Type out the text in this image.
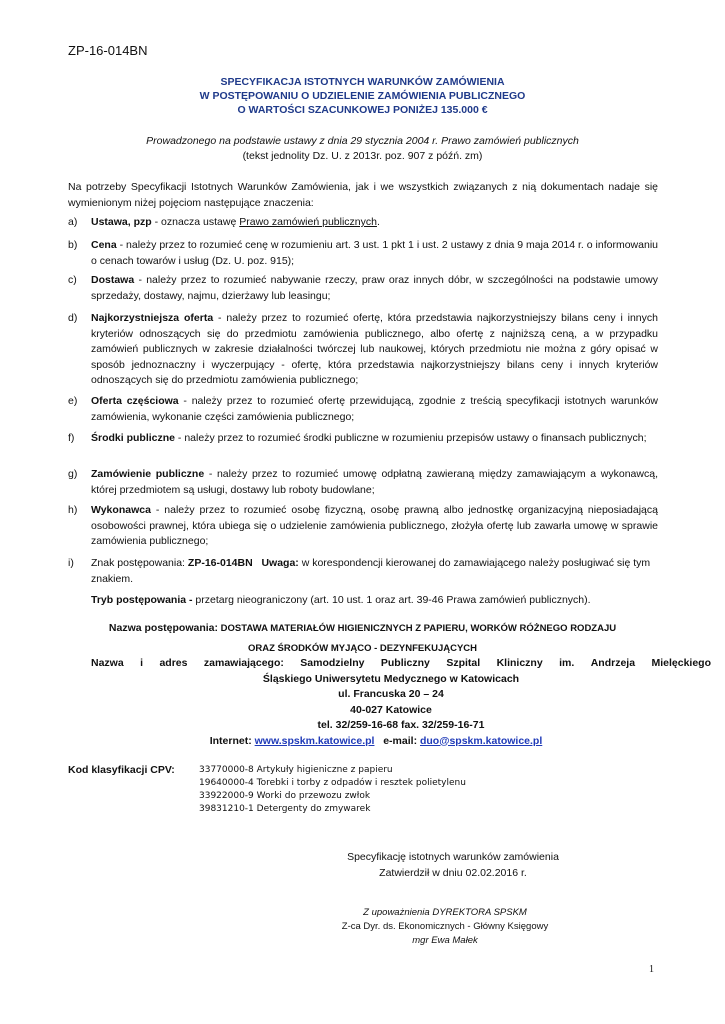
ZP-16-014BN
SPECYFIKACJA ISTOTNYCH WARUNKÓW ZAMÓWIENIA
W POSTĘPOWANIU O UDZIELENIE ZAMÓWIENIA PUBLICZNEGO
O WARTOŚCI SZACUNKOWEJ PONIŻEJ 135.000 €
Prowadzonego na podstawie ustawy z dnia 29 stycznia 2004 r. Prawo zamówień publicznych
(tekst jednolity Dz. U. z 2013r. poz. 907 z późń. zm)
Na potrzeby Specyfikacji Istotnych Warunków Zamówienia, jak i we wszystkich związanych z nią dokumentach nadaje się wymienionym niżej pojęciom następujące znaczenia:
a) Ustawa, pzp - oznacza ustawę Prawo zamówień publicznych.
b) Cena - należy przez to rozumieć cenę w rozumieniu art. 3 ust. 1 pkt 1 i ust. 2 ustawy z dnia 9 maja 2014 r. o informowaniu o cenach towarów i usług (Dz. U. poz. 915);
c) Dostawa - należy przez to rozumieć nabywanie rzeczy, praw oraz innych dóbr, w szczególności na podstawie umowy sprzedaży, dostawy, najmu, dzierżawy lub leasingu;
d) Najkorzystniejsza oferta - należy przez to rozumieć ofertę, która przedstawia najkorzystniejszy bilans ceny i innych kryteriów odnoszących się do przedmiotu zamówienia publicznego, albo ofertę z najniższą ceną, a w przypadku zamówień publicznych w zakresie działalności twórczej lub naukowej, których przedmiotu nie można z góry opisać w sposób jednoznaczny i wyczerpujący - ofertę, która przedstawia najkorzystniejszy bilans ceny i innych kryteriów odnoszących się do przedmiotu zamówienia publicznego;
e) Oferta częściowa - należy przez to rozumieć ofertę przewidującą, zgodnie z treścią specyfikacji istotnych warunków zamówienia, wykonanie części zamówienia publicznego;
f) Środki publiczne - należy przez to rozumieć środki publiczne w rozumieniu przepisów ustawy o finansach publicznych;
g) Zamówienie publiczne - należy przez to rozumieć umowę odpłatną zawieraną między zamawiającym a wykonawcą, której przedmiotem są usługi, dostawy lub roboty budowlane;
h) Wykonawca - należy przez to rozumieć osobę fizyczną, osobę prawną albo jednostkę organizacyjną nieposiadającą osobowości prawnej, która ubiega się o udzielenie zamówienia publicznego, złożyła ofertę lub zawarła umowę w sprawie zamówienia publicznego;
i) Znak postępowania: ZP-16-014BN   Uwaga: w korespondencji kierowanej do zamawiającego należy posługiwać się tym znakiem.
Tryb postępowania - przetarg nieograniczony (art. 10 ust. 1 oraz art. 39-46 Prawa zamówień publicznych).
Nazwa postępowania: DOSTAWA MATERIAŁÓW HIGIENICZNYCH Z PAPIERU, WORKÓW RÓŻNEGO RODZAJU
ORAZ ŚRODKÓW MYJĄCO - DEZYNFEKUJĄCYCH
Nazwa i adres zamawiającego: Samodzielny Publiczny Szpital Kliniczny im. Andrzeja Mielęckiego
Śląskiego Uniwersytetu Medycznego w Katowicach
ul. Francuska 20 – 24
40-027 Katowice
tel. 32/259-16-68 fax. 32/259-16-71
Internet: www.spskm.katowice.pl   e-mail: duo@spskm.katowice.pl
Kod klasyfikacji CPV:	33770000-8 Artykuły higieniczne z papieru
19640000-4 Torebki i torby z odpadów i resztek polietylenu
33922000-9 Worki do przewozu zwłok
39831210-1 Detergenty do zmywarek
Specyfikację istotnych warunków zamówienia
Zatwierdził w dniu 02.02.2016 r.
Z upoważnienia DYREKTORA SPSKM
Z-ca Dyr. ds. Ekonomicznych - Główny Księgowy
mgr Ewa Małek
1
